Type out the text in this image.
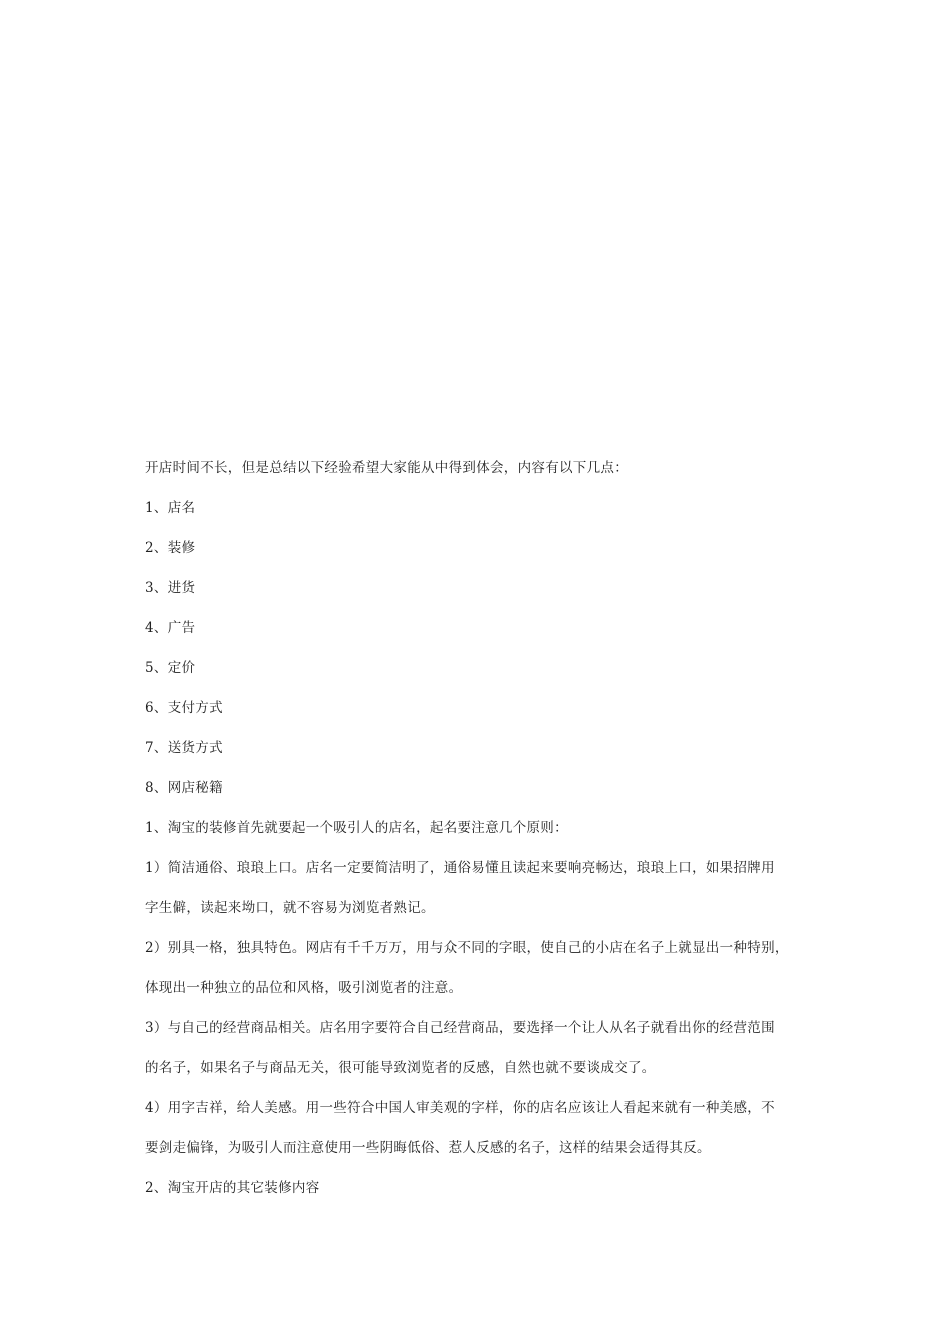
开店时间不长，但是总结以下经验希望大家能从中得到体会，内容有以下几点：
1、店名
2、装修
3、进货
4、广告
5、定价
6、支付方式
7、送货方式
8、网店秘籍
1、淘宝的装修首先就要起一个吸引人的店名，起名要注意几个原则：
1）简洁通俗、琅琅上口。店名一定要简洁明了，通俗易懂且读起来要响亮畅达，琅琅上口，如果招牌用
字生僻，读起来坳口，就不容易为浏览者熟记。
2）别具一格，独具特色。网店有千千万万，用与众不同的字眼，使自己的小店在名子上就显出一种特别，
体现出一种独立的品位和风格，吸引浏览者的注意。
3）与自己的经营商品相关。店名用字要符合自己经营商品，要选择一个让人从名子就看出你的经营范围
的名子，如果名子与商品无关，很可能导致浏览者的反感，自然也就不要谈成交了。
4）用字吉祥，给人美感。用一些符合中国人审美观的字样，你的店名应该让人看起来就有一种美感，不
要剑走偏锋，为吸引人而注意使用一些阴晦低俗、惹人反感的名子，这样的结果会适得其反。
2、淘宝开店的其它装修内容
